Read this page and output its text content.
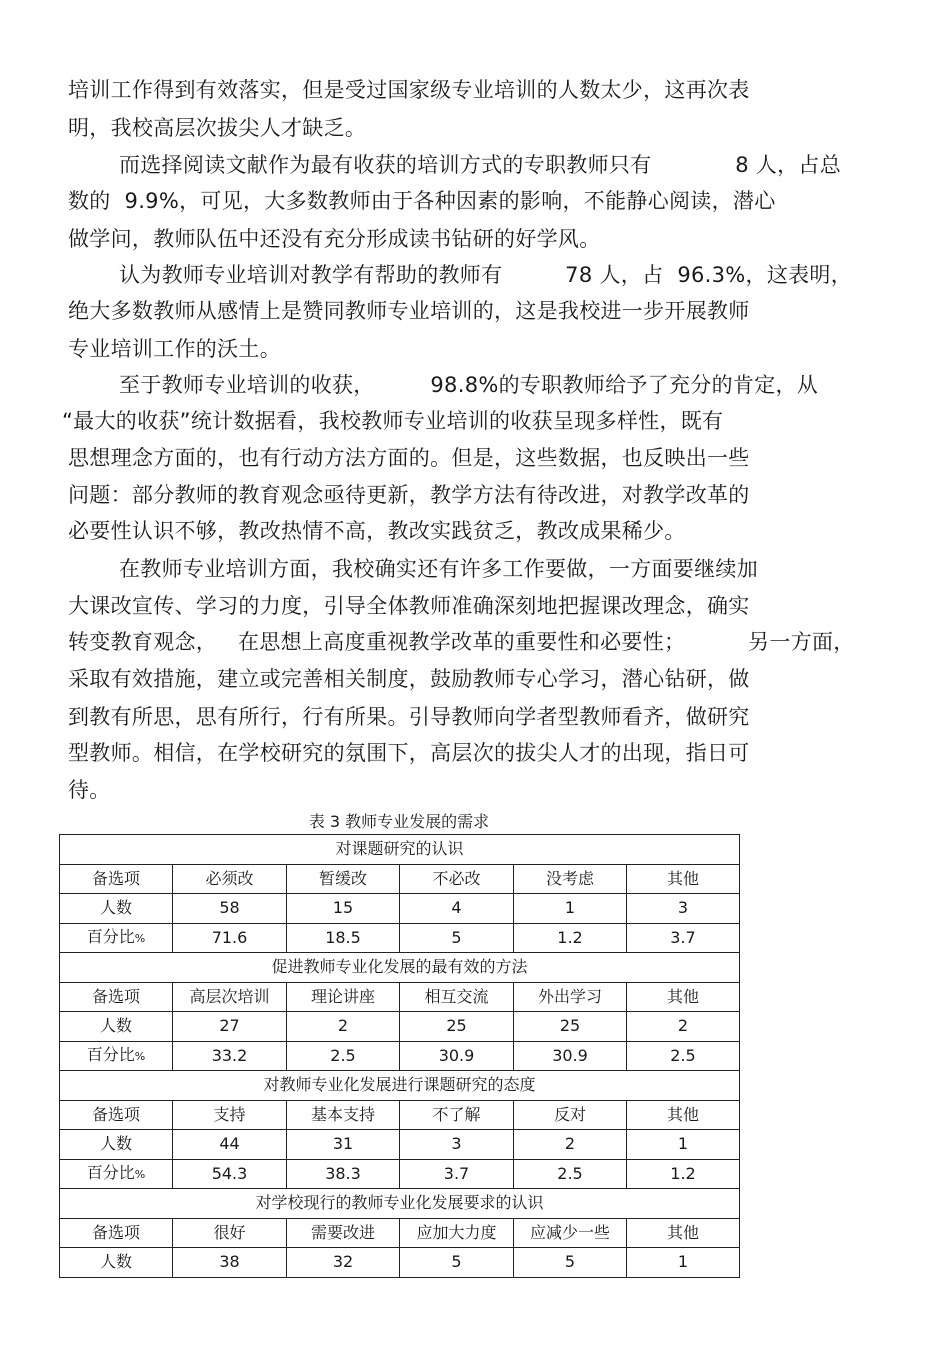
培训工作得到有效落实，但是受过国家级专业培训的人数太少，这再次表
明，我校高层次拔尖人才缺乏。
而选择阅读文献作为最有收获的培训方式的专职教师只有            8 人，占总
数的  9.9%，可见，大多数教师由于各种因素的影响，不能静心阅读，潜心
做学问，教师队伍中还没有充分形成读书钻研的好学风。
认为教师专业培训对教学有帮助的教师有         78 人，占  96.3%，这表明，
绝大多数教师从感情上是赞同教师专业培训的，这是我校进一步开展教师
专业培训工作的沃土。
至于教师专业培训的收获，        98.8%的专职教师给予了充分的肯定，从
“最大的收获”统计数据看，我校教师专业培训的收获呈现多样性，既有
思想理念方面的，也有行动方法方面的。但是，这些数据，也反映出一些
问题：部分教师的教育观念亟待更新，教学方法有待改进，对教学改革的
必要性认识不够，教改热情不高，教改实践贫乏，教改成果稀少。
在教师专业培训方面，我校确实还有许多工作要做，一方面要继续加
大课改宣传、学习的力度，引导全体教师准确深刻地把握课改理念，确实
转变教育观念，   在思想上高度重视教学改革的重要性和必要性；         另一方面，
采取有效措施，建立或完善相关制度，鼓励教师专心学习，潜心钻研，做
到教有所思，思有所行，行有所果。引导教师向学者型教师看齐，做研究
型教师。相信，在学校研究的氛围下，高层次的拔尖人才的出现，指日可
待。
表 3 教师专业发展的需求
对课题研究的认识					
备选项	必须改	暂缓改	不必改	没考虑	其他
人数	58	15	4	1	3
百分比%	71.6	18.5	5	1.2	3.7
促进教师专业化发展的最有效的方法					
备选项	高层次培训	理论讲座	相互交流	外出学习	其他
人数	27	2	25	25	2
百分比%	33.2	2.5	30.9	30.9	2.5
对教师专业化发展进行课题研究的态度					
备选项	支持	基本支持	不了解	反对	其他
人数	44	31	3	2	1
百分比%	54.3	38.3	3.7	2.5	1.2
对学校现行的教师专业化发展要求的认识					
备选项	很好	需要改进	应加大力度	应减少一些	其他
人数	38	32	5	5	1
